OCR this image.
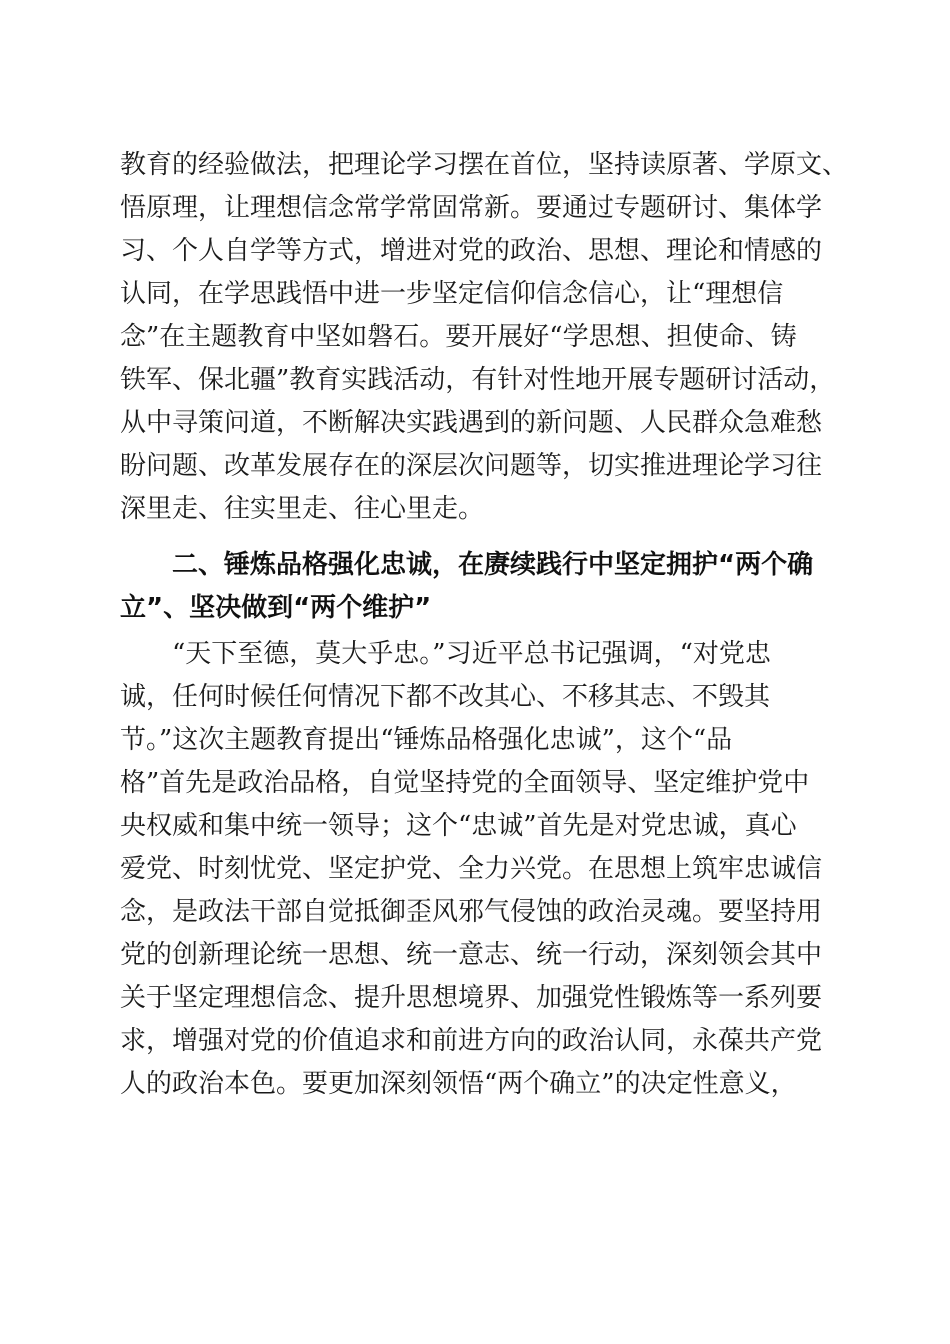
教育的经验做法，把理论学习摆在首位，坚持读原著、学原文、
悟原理，让理想信念常学常固常新。要通过专题研讨、集体学
习、个人自学等方式，增进对党的政治、思想、理论和情感的
认同，在学思践悟中进一步坚定信仰信念信心，让“理想信
念”在主题教育中坚如磐石。要开展好“学思想、担使命、铸
铁军、保北疆”教育实践活动，有针对性地开展专题研讨活动，
从中寻策问道，不断解决实践遇到的新问题、人民群众急难愁
盼问题、改革发展存在的深层次问题等，切实推进理论学习往
深里走、往实里走、往心里走。
二、锤炼品格强化忠诚，在赓续践行中坚定拥护“两个确
立”、坚决做到“两个维护”
“天下至德，莫大乎忠。”习近平总书记强调，“对党忠
诚，任何时候任何情况下都不改其心、不移其志、不毁其
节。”这次主题教育提出“锤炼品格强化忠诚”，这个“品
格”首先是政治品格，自觉坚持党的全面领导、坚定维护党中
央权威和集中统一领导；这个“忠诚”首先是对党忠诚，真心
爱党、时刻忧党、坚定护党、全力兴党。在思想上筑牢忠诚信
念，是政法干部自觉抵御歪风邪气侵蚀的政治灵魂。要坚持用
党的创新理论统一思想、统一意志、统一行动，深刻领会其中
关于坚定理想信念、提升思想境界、加强党性锻炼等一系列要
求，增强对党的价值追求和前进方向的政治认同，永葆共产党
人的政治本色。要更加深刻领悟“两个确立”的决定性意义，
